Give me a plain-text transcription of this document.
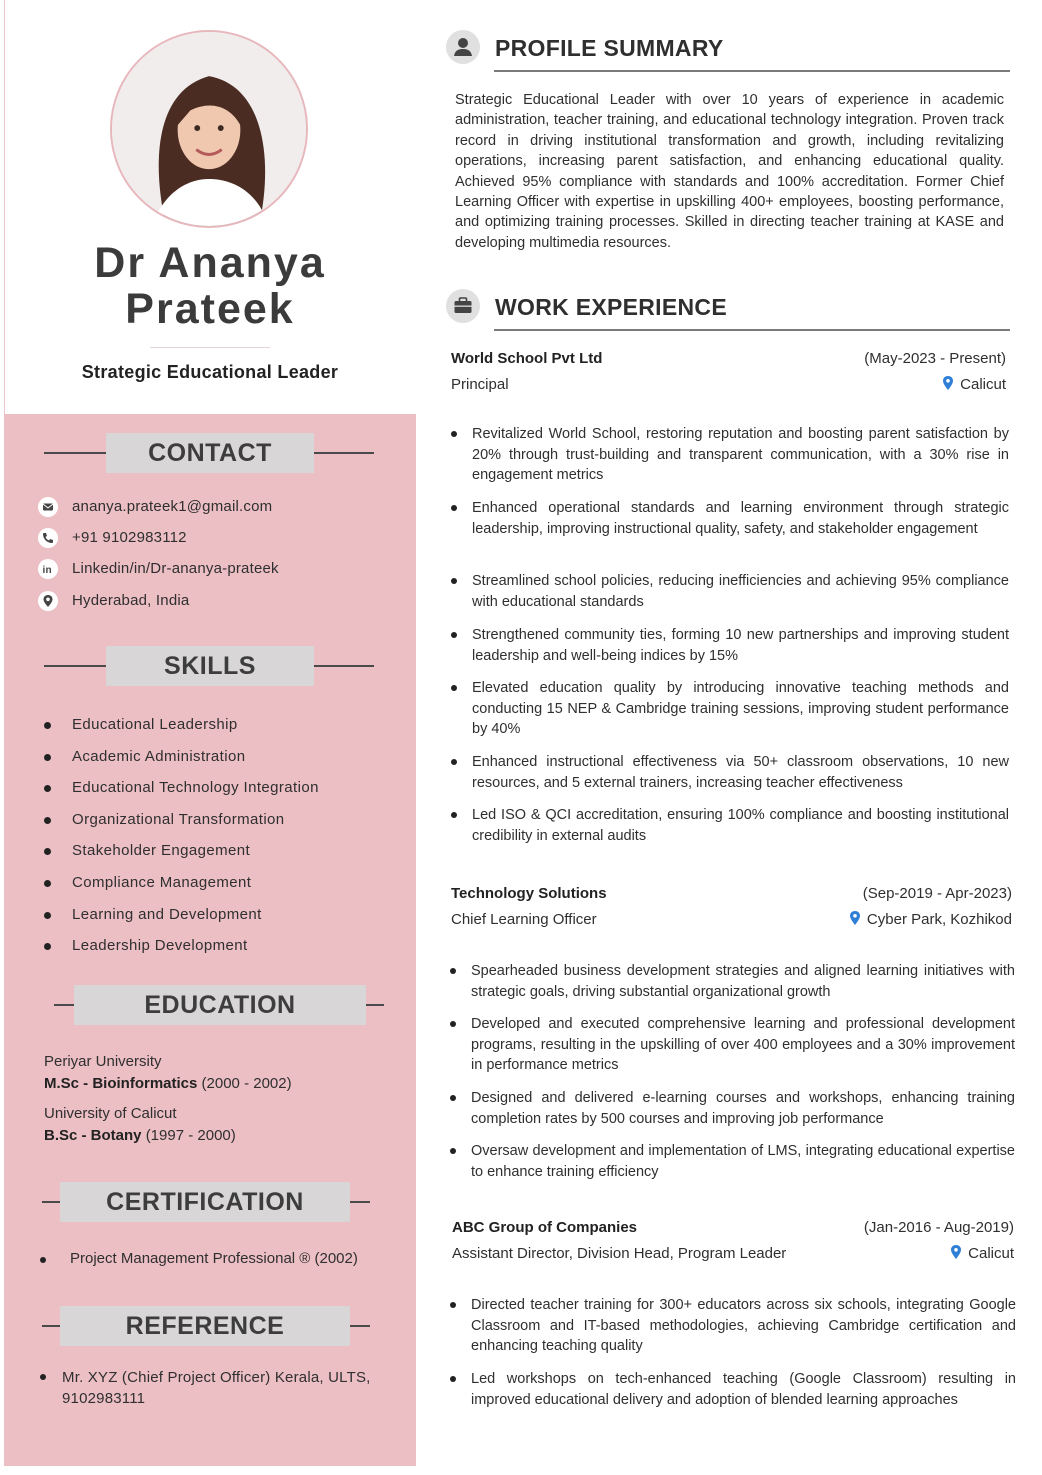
Dr Ananya
Prateek
Strategic Educational Leader
CONTACT
ananya.prateek1@gmail.com
+91 9102983112
in Linkedin/in/Dr-ananya-prateek
Hyderabad, India
SKILLS
Educational Leadership
Academic Administration
Educational Technology Integration
Organizational Transformation
Stakeholder Engagement
Compliance Management
Learning and Development
Leadership Development
EDUCATION
Periyar University
M.Sc - Bioinformatics (2000 - 2002)
University of Calicut
B.Sc - Botany (1997 - 2000)
CERTIFICATION
Project Management Professional ® (2002)
REFERENCE
Mr. XYZ (Chief Project Officer) Kerala, ULTS,
9102983111
PROFILE SUMMARY
Strategic Educational Leader with over 10 years of experience in academic administration, teacher training, and educational technology integration. Proven track record in driving institutional transformation and growth, including revitalizing operations, increasing parent satisfaction, and enhancing educational quality. Achieved 95% compliance with standards and 100% accreditation. Former Chief Learning Officer with expertise in upskilling 400+ employees, boosting performance, and optimizing training processes. Skilled in directing teacher training at KASE and developing multimedia resources.
WORK EXPERIENCE
World School Pvt Ltd	(May-2023 - Present)
Principal	Calicut
Revitalized World School, restoring reputation and boosting parent satisfaction by 20% through trust-building and transparent communication, with a 30% rise in engagement metrics
Enhanced operational standards and learning environment through strategic leadership, improving instructional quality, safety, and stakeholder engagement
Streamlined school policies, reducing inefficiencies and achieving 95% compliance with educational standards
Strengthened community ties, forming 10 new partnerships and improving student leadership and well-being indices by 15%
Elevated education quality by introducing innovative teaching methods and conducting 15 NEP & Cambridge training sessions, improving student performance by 40%
Enhanced instructional effectiveness via 50+ classroom observations, 10 new resources, and 5 external trainers, increasing teacher effectiveness
Led ISO & QCI accreditation, ensuring 100% compliance and boosting institutional credibility in external audits
Technology Solutions	(Sep-2019 - Apr-2023)
Chief Learning Officer	Cyber Park, Kozhikod
Spearheaded business development strategies and aligned learning initiatives with strategic goals, driving substantial organizational growth
Developed and executed comprehensive learning and professional development programs, resulting in the upskilling of over 400 employees and a 30% improvement in performance metrics
Designed and delivered e-learning courses and workshops, enhancing training completion rates by 500 courses and improving job performance
Oversaw development and implementation of LMS, integrating educational expertise to enhance training efficiency
ABC Group of Companies	(Jan-2016 - Aug-2019)
Assistant Director, Division Head, Program Leader	Calicut
Directed teacher training for 300+ educators across six schools, integrating Google Classroom and IT-based methodologies, achieving Cambridge certification and enhancing teaching quality
Led workshops on tech-enhanced teaching (Google Classroom) resulting in improved educational delivery and adoption of blended learning approaches
